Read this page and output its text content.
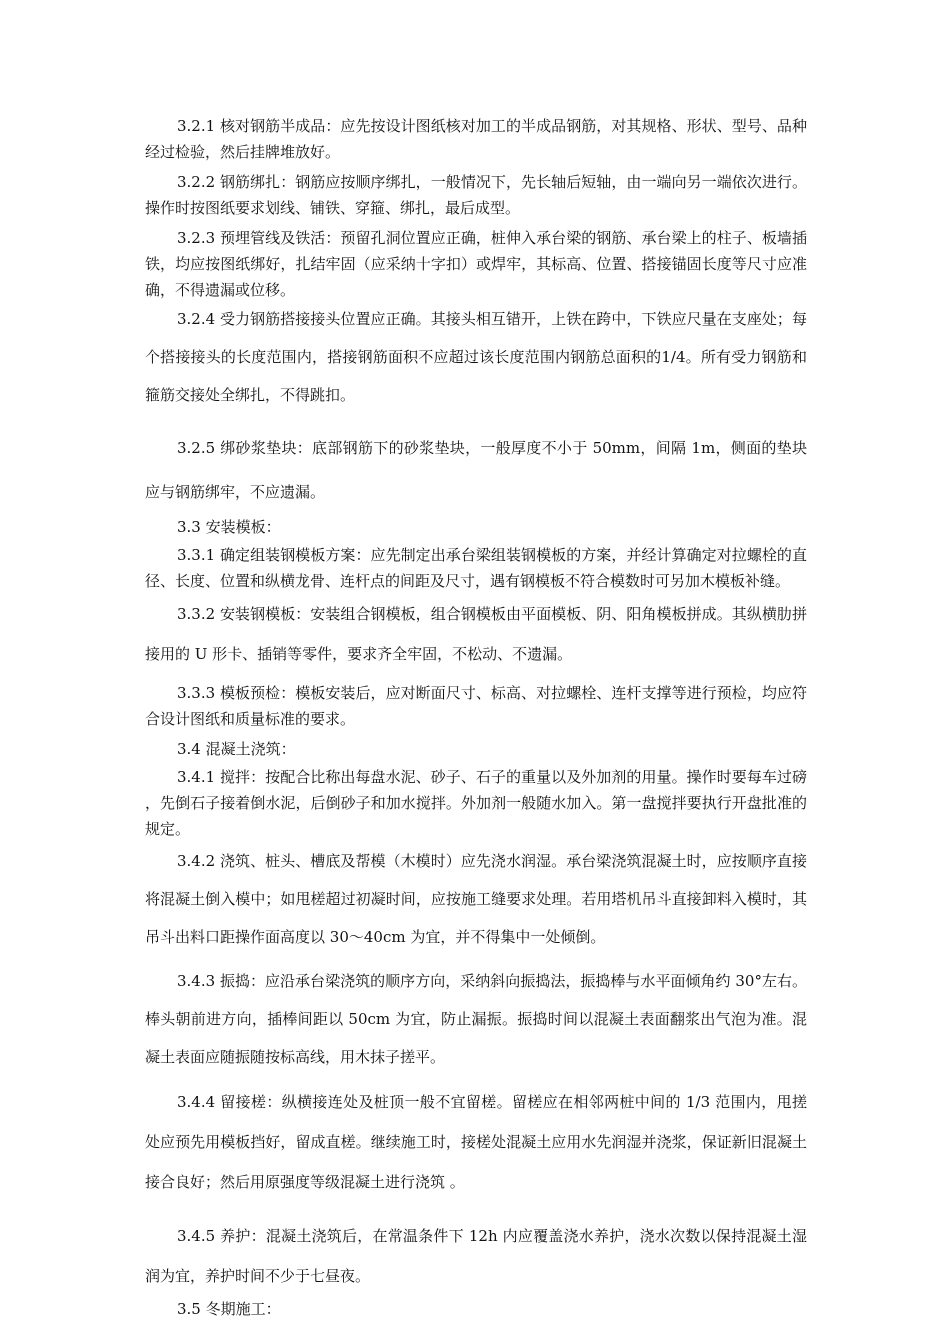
3.2.1 核对钢筋半成品：应先按设计图纸核对加工的半成品钢筋，对其规格、形状、型号、品种经过检验，然后挂牌堆放好。

3.2.2 钢筋绑扎：钢筋应按顺序绑扎，一般情况下，先长轴后短轴，由一端向另一端依次进行。操作时按图纸要求划线、铺铁、穿箍、绑扎，最后成型。

3.2.3 预埋管线及铁活：预留孔洞位置应正确，桩伸入承台梁的钢筋、承台梁上的柱子、板墙插铁，均应按图纸绑好，扎结牢固（应采纳十字扣）或焊牢，其标高、位置、搭接锚固长度等尺寸应准确，不得遗漏或位移。

3.2.4 受力钢筋搭接接头位置应正确。其接头相互错开，上铁在跨中，下铁应尺量在支座处；每个搭接接头的长度范围内，搭接钢筋面积不应超过该长度范围内钢筋总面积的1/4。所有受力钢筋和箍筋交接处全绑扎，不得跳扣。

3.2.5 绑砂浆垫块：底部钢筋下的砂浆垫块，一般厚度不小于 50mm，间隔 1m，侧面的垫块应与钢筋绑牢，不应遗漏。

3.3 安装模板：

3.3.1 确定组装钢模板方案：应先制定出承台梁组装钢模板的方案，并经计算确定对拉螺栓的直径、长度、位置和纵横龙骨、连杆点的间距及尺寸，遇有钢模板不符合模数时可另加木模板补缝。

3.3.2 安装钢模板：安装组合钢模板，组合钢模板由平面模板、阴、阳角模板拼成。其纵横肋拼接用的 U 形卡、插销等零件，要求齐全牢固，不松动、不遗漏。

3.3.3 模板预检：模板安装后，应对断面尺寸、标高、对拉螺栓、连杆支撑等进行预检，均应符合设计图纸和质量标准的要求。

3.4 混凝土浇筑：

3.4.1 搅拌：按配合比称出每盘水泥、砂子、石子的重量以及外加剂的用量。操作时要每车过磅，先倒石子接着倒水泥，后倒砂子和加水搅拌。外加剂一般随水加入。第一盘搅拌要执行开盘批准的规定。

3.4.2 浇筑、桩头、槽底及帮模（木模时）应先浇水润湿。承台梁浇筑混凝土时，应按顺序直接将混凝土倒入模中；如甩槎超过初凝时间，应按施工缝要求处理。若用塔机吊斗直接卸料入模时，其吊斗出料口距操作面高度以 30～40cm 为宜，并不得集中一处倾倒。

3.4.3 振捣：应沿承台梁浇筑的顺序方向，采纳斜向振捣法，振捣棒与水平面倾角约 30°左右。棒头朝前进方向，插棒间距以 50cm 为宜，防止漏振。振捣时间以混凝土表面翻浆出气泡为准。混凝土表面应随振随按标高线，用木抹子搓平。

3.4.4 留接槎：纵横接连处及桩顶一般不宜留槎。留槎应在相邻两桩中间的 1/3 范围内，甩搓处应预先用模板挡好，留成直槎。继续施工时，接槎处混凝土应用水先润湿并浇浆，保证新旧混凝土接合良好；然后用原强度等级混凝土进行浇筑 。

3.4.5 养护：混凝土浇筑后，在常温条件下 12h 内应覆盖浇水养护，浇水次数以保持混凝土湿润为宜，养护时间不少于七昼夜。

3.5 冬期施工：
